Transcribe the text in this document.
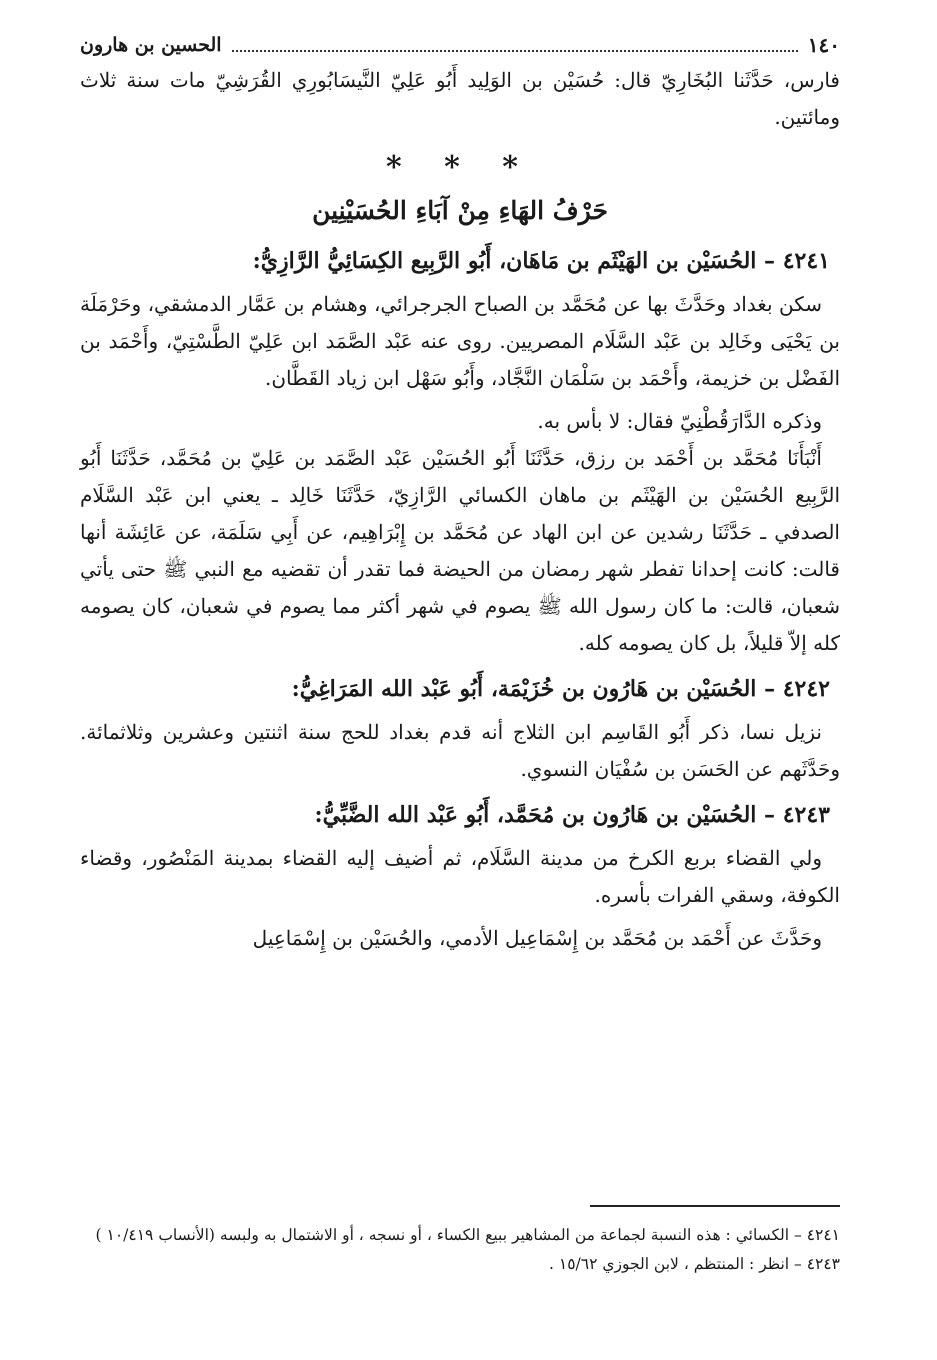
١٤٠
الحسين بن هارون

فارس، حَدَّثَنا البُخَارِيّ قال: حُسَيْن بن الوَلِيد أَبُو عَلِيّ النَّيسَابُورِي القُرَشِيّ مات سنة ثلاث ومائتين.

* * *
حَرْفُ الهَاءِ مِنْ آبَاءِ الحُسَيْنِين
٤٢٤١ – الحُسَيْن بن الهَيْثَم بن مَاهَان، أَبُو الرَّبِيع الكِسَائِيُّ الرَّازِيُّ:

سكن بغداد وحَدَّثَ بها عن مُحَمَّد بن الصباح الجرجرائي، وهشام بن عَمَّار الدمشقي، وحَرْمَلَة بن يَحْيَى وخَالِد بن عَبْد السَّلَام المصريين. روى عنه عَبْد الصَّمَد ابن عَلِيّ الطَّسْتِيّ، وأَحْمَد بن الفَضْل بن خزيمة، وأَحْمَد بن سَلْمَان النَّجَّاد، وأَبُو سَهْل ابن زياد القَطَّان.

وذكره الدَّارَقُطْنِيّ فقال: لا بأس به.

أَنْبَأَنَا مُحَمَّد بن أَحْمَد بن رزق، حَدَّثَنَا أَبُو الحُسَيْن عَبْد الصَّمَد بن عَلِيّ بن مُحَمَّد، حَدَّثَنَا أَبُو الرَّبِيع الحُسَيْن بن الهَيْثَم بن ماهان الكسائي الرَّازِيّ، حَدَّثَنَا خَالِد ـ يعني ابن عَبْد السَّلَام الصدفي ـ حَدَّثَنَا رشدين عن ابن الهاد عن مُحَمَّد بن إِبْرَاهِيم، عن أَبِي سَلَمَة، عن عَائِشَة أنها قالت: كانت إحدانا تفطر شهر رمضان من الحيضة فما تقدر أن تقضيه مع النبي ﷺ حتى يأتي شعبان، قالت: ما كان رسول الله ﷺ يصوم في شهر أكثر مما يصوم في شعبان، كان يصومه كله إلاّ قليلاً، بل كان يصومه كله.

٤٢٤٢ – الحُسَيْن بن هَارُون بن خُزَيْمَة، أَبُو عَبْد الله المَرَاغِيُّ:

نزيل نسا، ذكر أَبُو القَاسِم ابن الثلاج أنه قدم بغداد للحج سنة اثنتين وعشرين وثلاثمائة. وحَدَّثَهم عن الحَسَن بن سُفْيَان النسوي.

٤٢٤٣ – الحُسَيْن بن هَارُون بن مُحَمَّد، أَبُو عَبْد الله الضَّبِّيُّ:

ولي القضاء بربع الكرخ من مدينة السَّلَام، ثم أضيف إليه القضاء بمدينة المَنْصُور، وقضاء الكوفة، وسقي الفرات بأسره.

وحَدَّثَ عن أَحْمَد بن مُحَمَّد بن إِسْمَاعِيل الأدمي، والحُسَيْن بن إِسْمَاعِيل

٤٢٤١ – الكسائي : هذه النسبة لجماعة من المشاهير ببيع الكساء ، أو نسجه ، أو الاشتمال به ولبسه (الأنساب ١٠/٤١٩ )

٤٢٤٣ – انظر : المنتظم ، لابن الجوزي ١٥/٦٢ .
